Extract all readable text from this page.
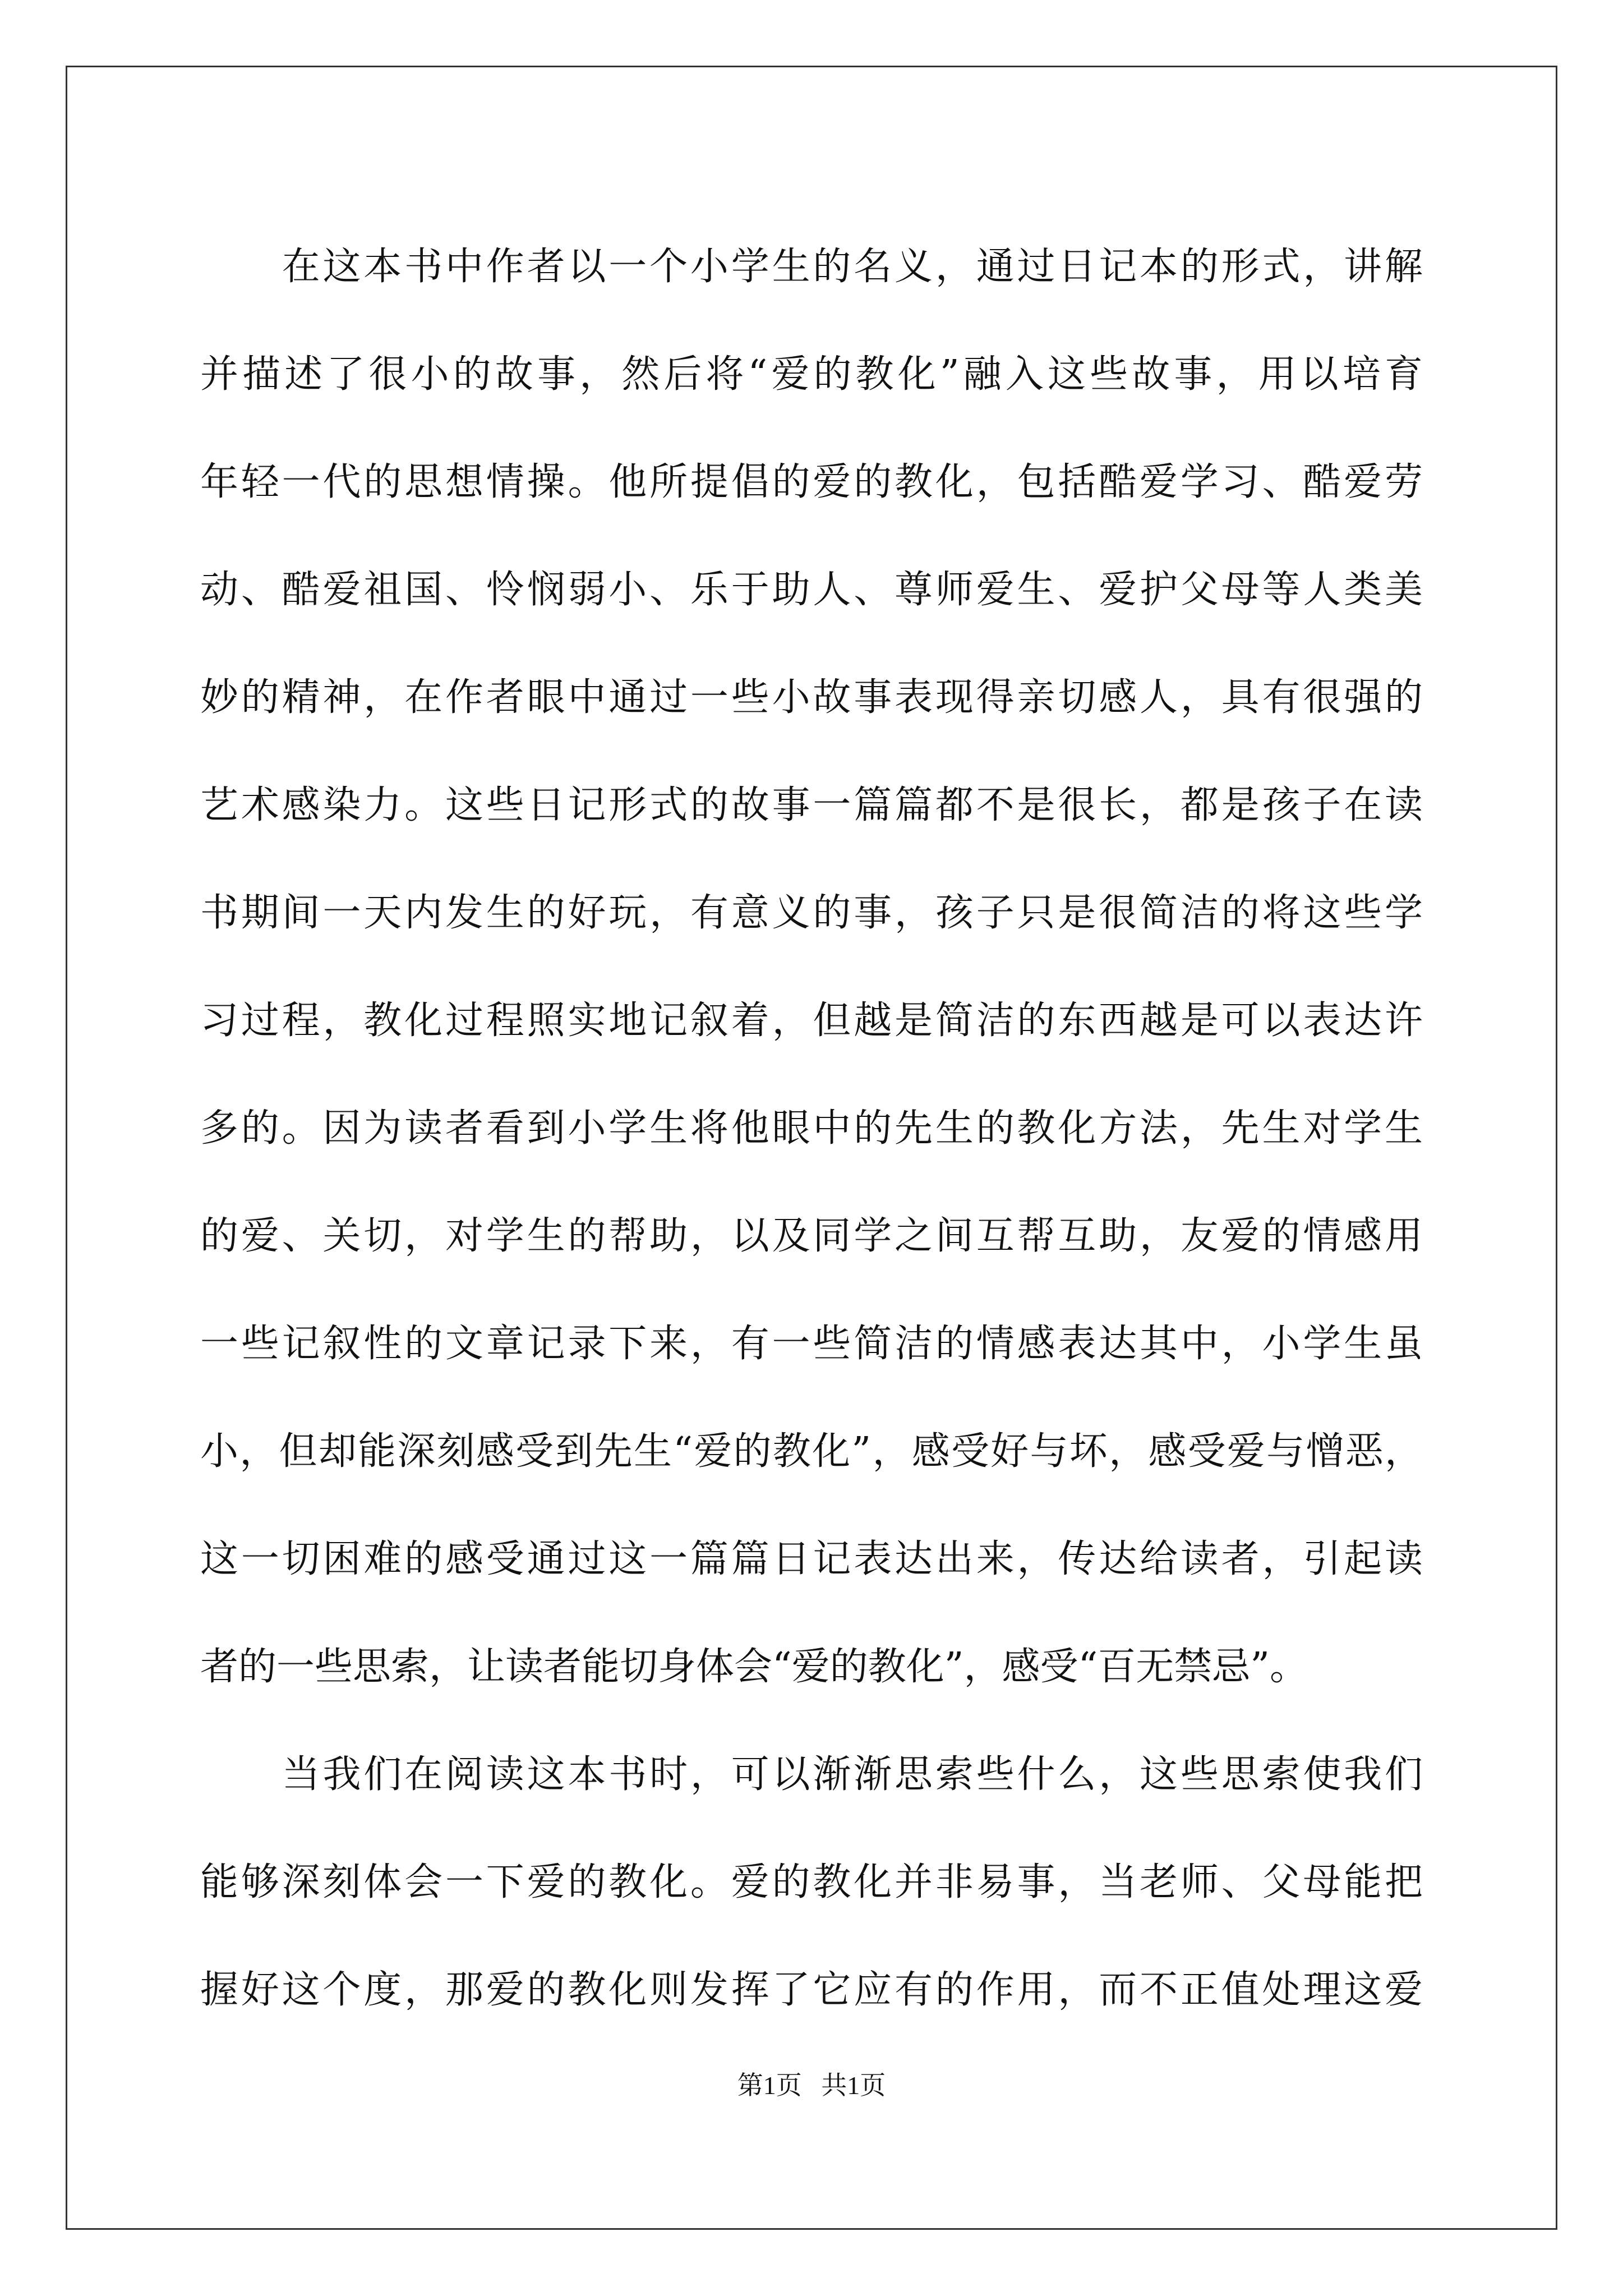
　　在这本书中作者以一个小学生的名义，通过日记本的形式，讲解
并描述了很小的故事，然后将“爱的教化”融入这些故事，用以培育
年轻一代的思想情操。他所提倡的爱的教化，包括酷爱学习、酷爱劳
动、酷爱祖国、怜悯弱小、乐于助人、尊师爱生、爱护父母等人类美
妙的精神，在作者眼中通过一些小故事表现得亲切感人，具有很强的
艺术感染力。这些日记形式的故事一篇篇都不是很长，都是孩子在读
书期间一天内发生的好玩，有意义的事，孩子只是很简洁的将这些学
习过程，教化过程照实地记叙着，但越是简洁的东西越是可以表达许
多的。因为读者看到小学生将他眼中的先生的教化方法，先生对学生
的爱、关切，对学生的帮助，以及同学之间互帮互助，友爱的情感用
一些记叙性的文章记录下来，有一些简洁的情感表达其中，小学生虽
小，但却能深刻感受到先生“爱的教化”，感受好与坏，感受爱与憎恶，
这一切困难的感受通过这一篇篇日记表达出来，传达给读者，引起读
者的一些思索，让读者能切身体会“爱的教化”，感受“百无禁忌”。
　　当我们在阅读这本书时，可以渐渐思索些什么，这些思索使我们
能够深刻体会一下爱的教化。爱的教化并非易事，当老师、父母能把
握好这个度，那爱的教化则发挥了它应有的作用，而不正值处理这爱
第1页   共1页
